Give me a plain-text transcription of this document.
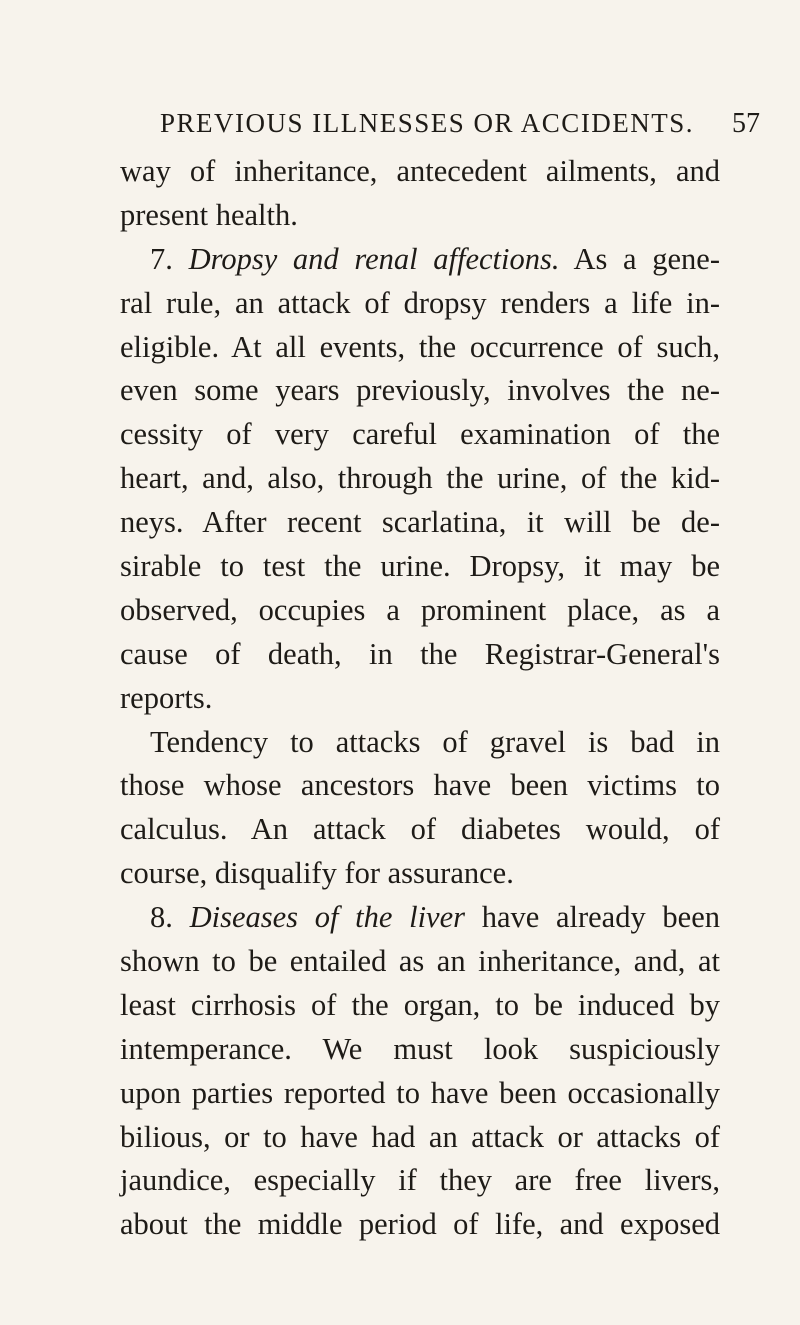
PREVIOUS ILLNESSES OR ACCIDENTS. 57
way of inheritance, antecedent ailments, and
present health.
7. Dropsy and renal affections. As a gene-
ral rule, an attack of dropsy renders a life in-
eligible. At all events, the occurrence of such,
even some years previously, involves the ne-
cessity of very careful examination of the
heart, and, also, through the urine, of the kid-
neys. After recent scarlatina, it will be de-
sirable to test the urine. Dropsy, it may be
observed, occupies a prominent place, as a
cause of death, in the Registrar-General's
reports.
Tendency to attacks of gravel is bad in
those whose ancestors have been victims to
calculus. An attack of diabetes would, of
course, disqualify for assurance.
8. Diseases of the liver have already been
shown to be entailed as an inheritance, and, at
least cirrhosis of the organ, to be induced by
intemperance. We must look suspiciously
upon parties reported to have been occasionally
bilious, or to have had an attack or attacks of
jaundice, especially if they are free livers,
about the middle period of life, and exposed
